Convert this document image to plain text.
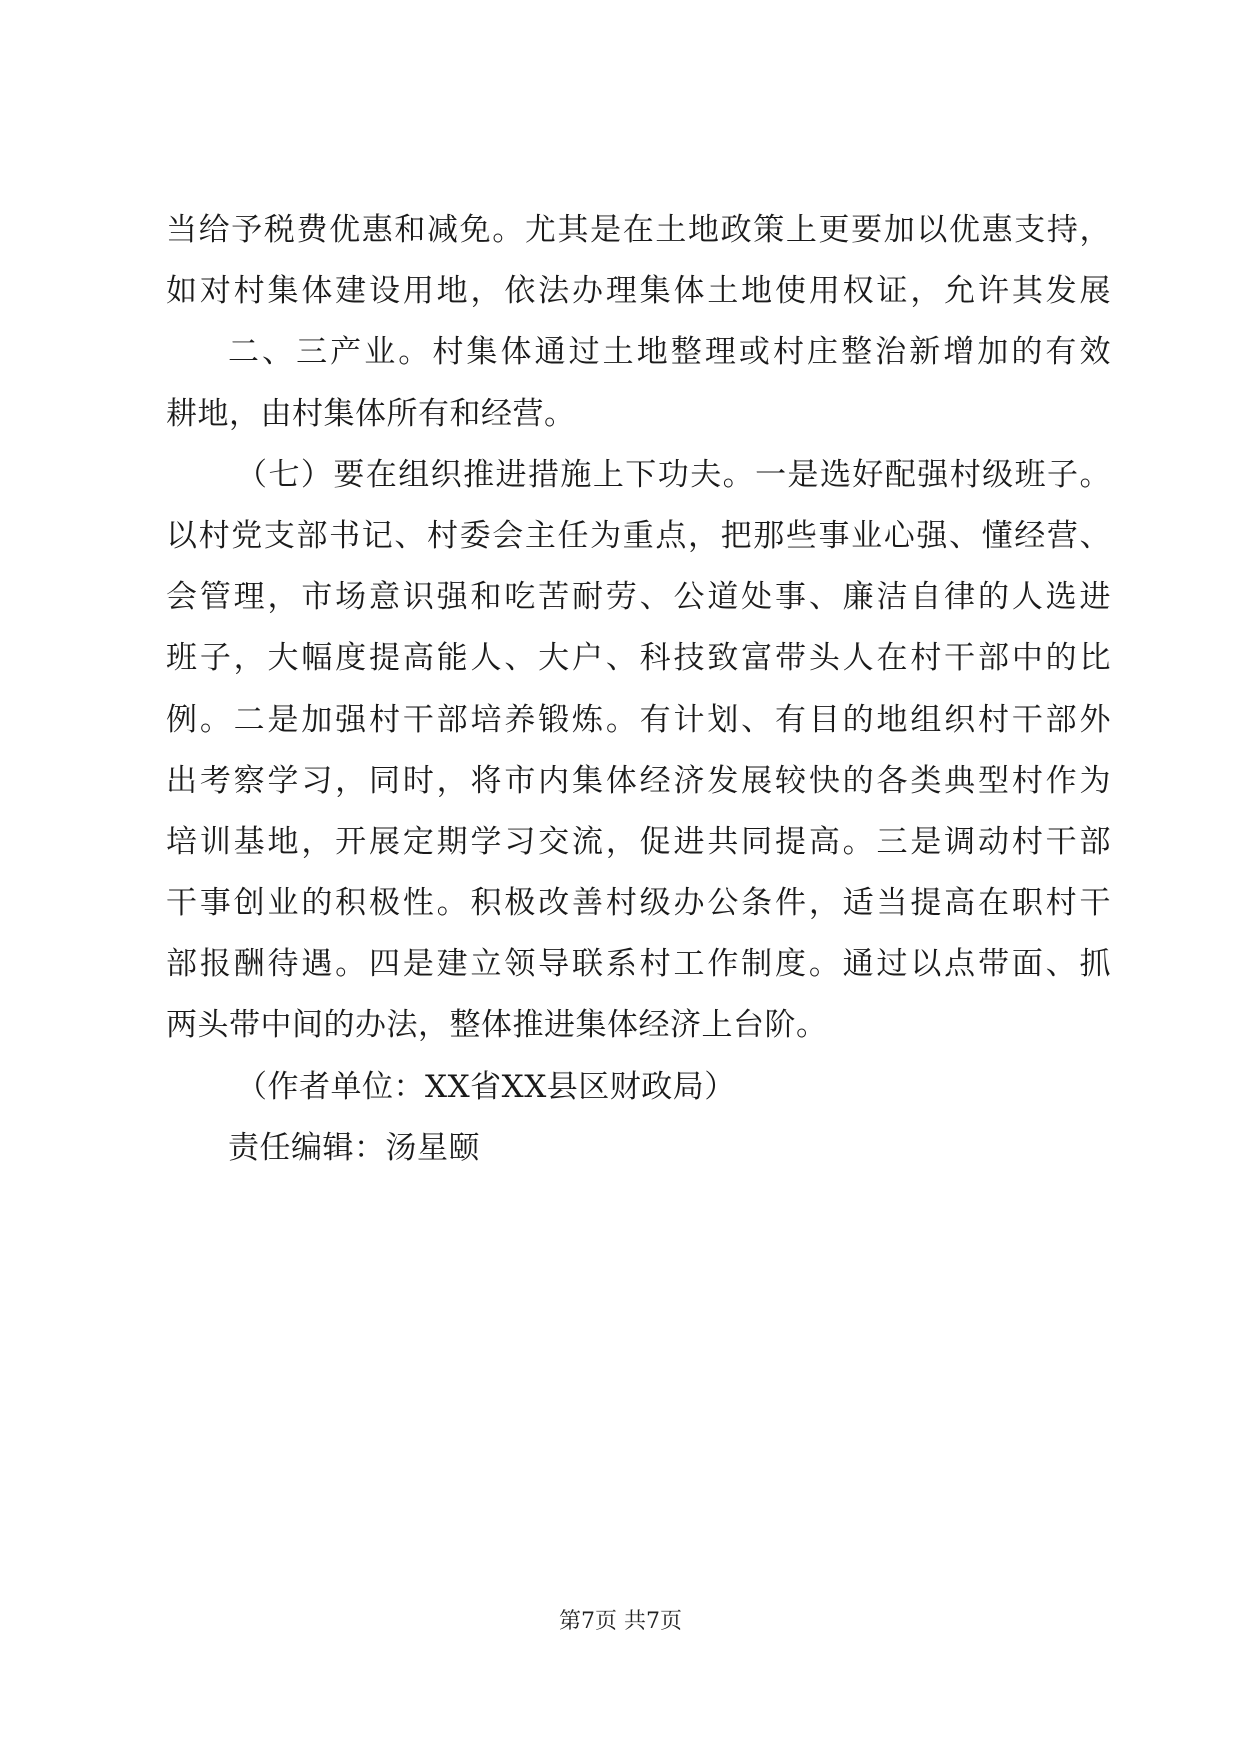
当给予税费优惠和减免。尤其是在土地政策上更要加以优惠支持，
如对村集体建设用地，依法办理集体土地使用权证，允许其发展
二、三产业。村集体通过土地整理或村庄整治新增加的有效
耕地，由村集体所有和经营。
（七）要在组织推进措施上下功夫。一是选好配强村级班子。
以村党支部书记、村委会主任为重点，把那些事业心强、懂经营、
会管理，市场意识强和吃苦耐劳、公道处事、廉洁自律的人选进
班子，大幅度提高能人、大户、科技致富带头人在村干部中的比
例。二是加强村干部培养锻炼。有计划、有目的地组织村干部外
出考察学习，同时，将市内集体经济发展较快的各类典型村作为
培训基地，开展定期学习交流，促进共同提高。三是调动村干部
干事创业的积极性。积极改善村级办公条件，适当提高在职村干
部报酬待遇。四是建立领导联系村工作制度。通过以点带面、抓
两头带中间的办法，整体推进集体经济上台阶。
（作者单位：XX省XX县区财政局）
责任编辑：汤星颐
第7页 共7页
